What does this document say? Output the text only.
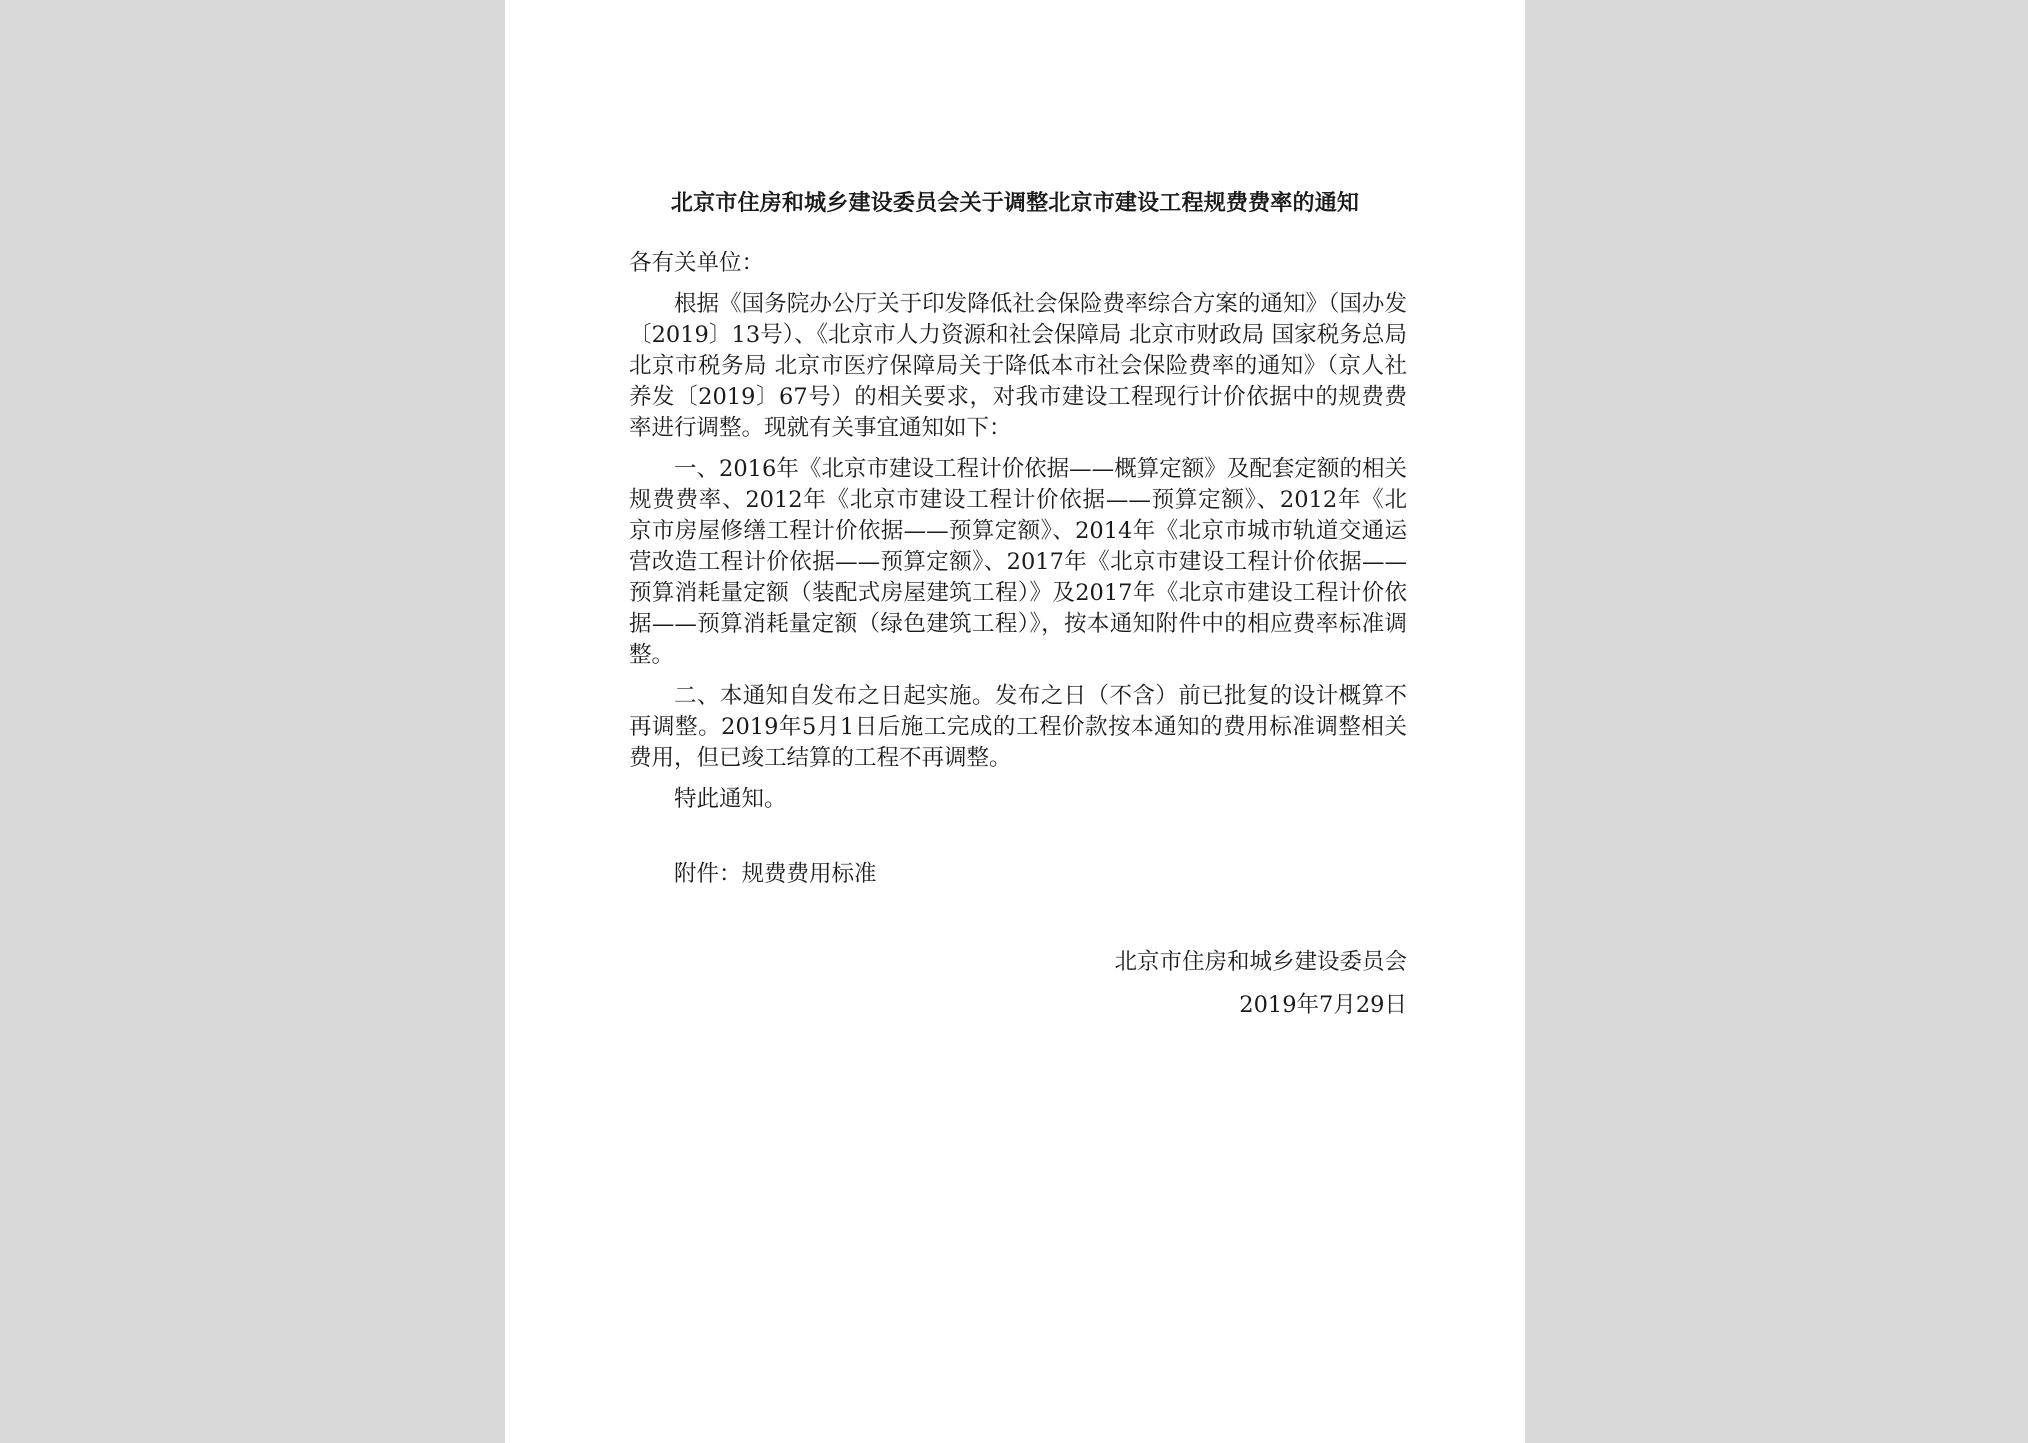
北京市住房和城乡建设委员会关于调整北京市建设工程规费费率的通知

各有关单位：

根据《国务院办公厅关于印发降低社会保险费率综合方案的通知》（国办发〔2019〕13号）、《北京市人力资源和社会保障局 北京市财政局 国家税务总局北京市税务局 北京市医疗保障局关于降低本市社会保险费率的通知》（京人社养发〔2019〕67号）的相关要求，对我市建设工程现行计价依据中的规费费率进行调整。现就有关事宜通知如下：

一、2016年《北京市建设工程计价依据——概算定额》及配套定额的相关规费费率、2012年《北京市建设工程计价依据——预算定额》、2012年《北京市房屋修缮工程计价依据——预算定额》、2014年《北京市城市轨道交通运营改造工程计价依据——预算定额》、2017年《北京市建设工程计价依据——预算消耗量定额（装配式房屋建筑工程）》及2017年《北京市建设工程计价依据——预算消耗量定额（绿色建筑工程）》，按本通知附件中的相应费率标准调整。

二、本通知自发布之日起实施。发布之日（不含）前已批复的设计概算不再调整。2019年5月1日后施工完成的工程价款按本通知的费用标准调整相关费用，但已竣工结算的工程不再调整。

特此通知。

附件：规费费用标准

北京市住房和城乡建设委员会

2019年7月29日
